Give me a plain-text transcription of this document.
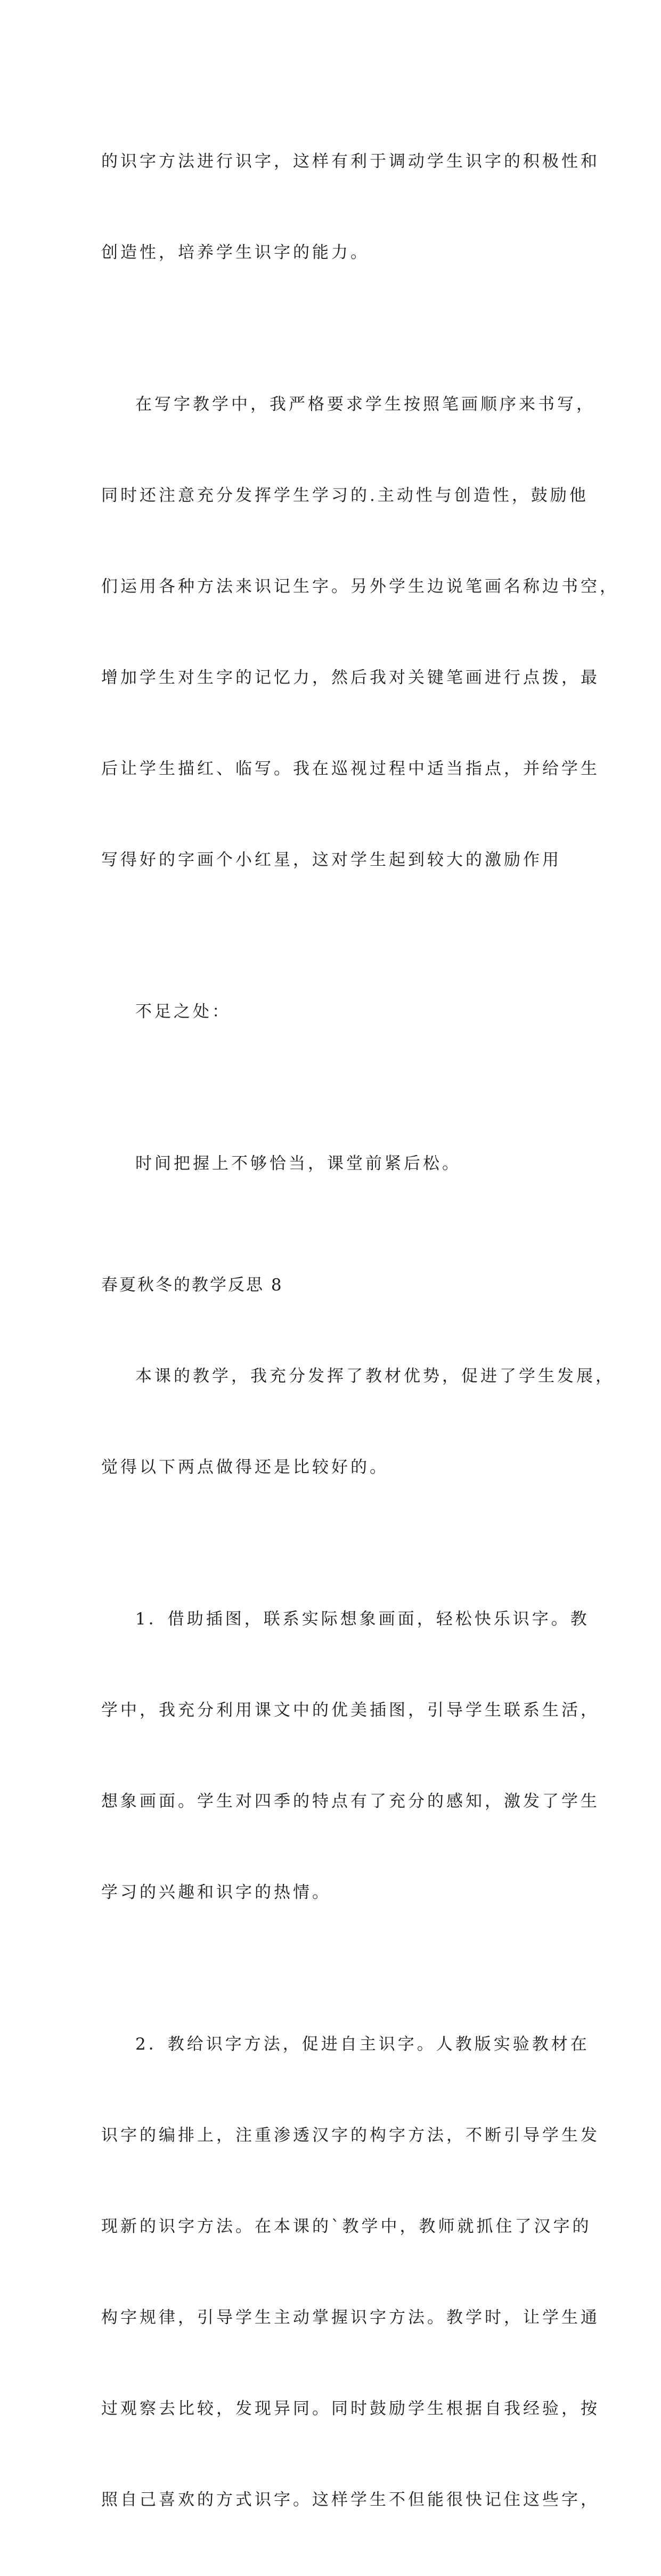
的识字方法进行识字，这样有利于调动学生识字的积极性和

创造性，培养学生识字的能力。

在写字教学中，我严格要求学生按照笔画顺序来书写，

同时还注意充分发挥学生学习的.主动性与创造性，鼓励他

们运用各种方法来识记生字。另外学生边说笔画名称边书空，

增加学生对生字的记忆力，然后我对关键笔画进行点拨，最

后让学生描红、临写。我在巡视过程中适当指点，并给学生

写得好的字画个小红星，这对学生起到较大的激励作用

不足之处：

时间把握上不够恰当，课堂前紧后松。

春夏秋冬的教学反思 8

本课的教学，我充分发挥了教材优势，促进了学生发展，

觉得以下两点做得还是比较好的。

1．借助插图，联系实际想象画面，轻松快乐识字。教

学中，我充分利用课文中的优美插图，引导学生联系生活，

想象画面。学生对四季的特点有了充分的感知，激发了学生

学习的兴趣和识字的热情。

2．教给识字方法，促进自主识字。人教版实验教材在

识字的编排上，注重渗透汉字的构字方法，不断引导学生发

现新的识字方法。在本课的`教学中，教师就抓住了汉字的

构字规律，引导学生主动掌握识字方法。教学时，让学生通

过观察去比较，发现异同。同时鼓励学生根据自我经验，按

照自己喜欢的方式识字。这样学生不但能很快记住这些字，
